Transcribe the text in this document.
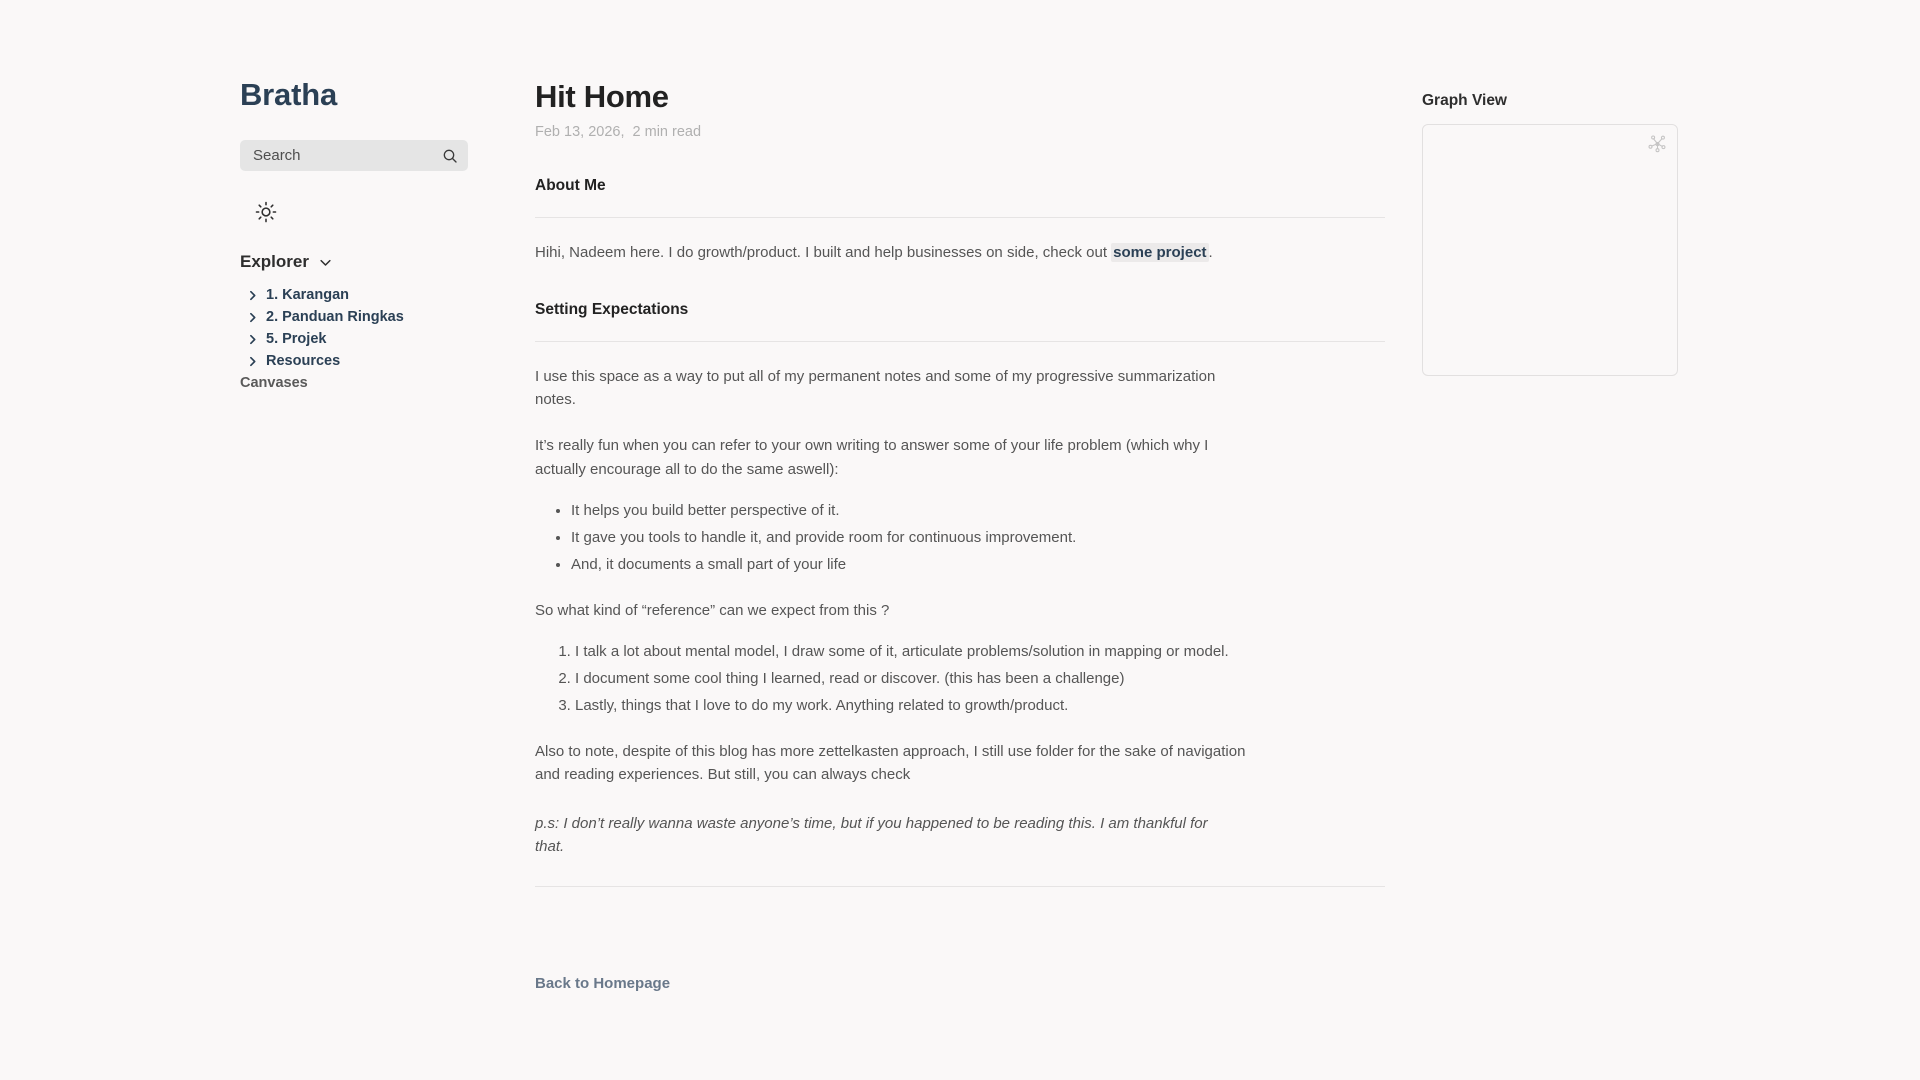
Bratha
Search
Explorer
1. Karangan
2. Panduan Ringkas
5. Projek
Resources
Canvases
Hit Home
Feb 13, 2026, 2 min read
About Me

Hihi, Nadeem here. I do growth/product. I built and help businesses on side, check out some project .

Setting Expectations

I use this space as a way to put all of my permanent notes and some of my progressive summarization notes.

It’s really fun when you can refer to your own writing to answer some of your life problem (which why I actually encourage all to do the same aswell):

• It helps you build better perspective of it.
• It gave you tools to handle it, and provide room for continuous improvement.
• And, it documents a small part of your life

So what kind of “reference” can we expect from this ?

1. I talk a lot about mental model, I draw some of it, articulate problems/solution in mapping or model.
2. I document some cool thing I learned, read or discover. (this has been a challenge)
3. Lastly, things that I love to do my work. Anything related to growth/product.

Also to note, despite of this blog has more zettelkasten approach, I still use folder for the sake of navigation and reading experiences. But still, you can always check

p.s: I don’t really wanna waste anyone’s time, but if you happened to be reading this. I am thankful for that.

Back to Homepage
Graph View
